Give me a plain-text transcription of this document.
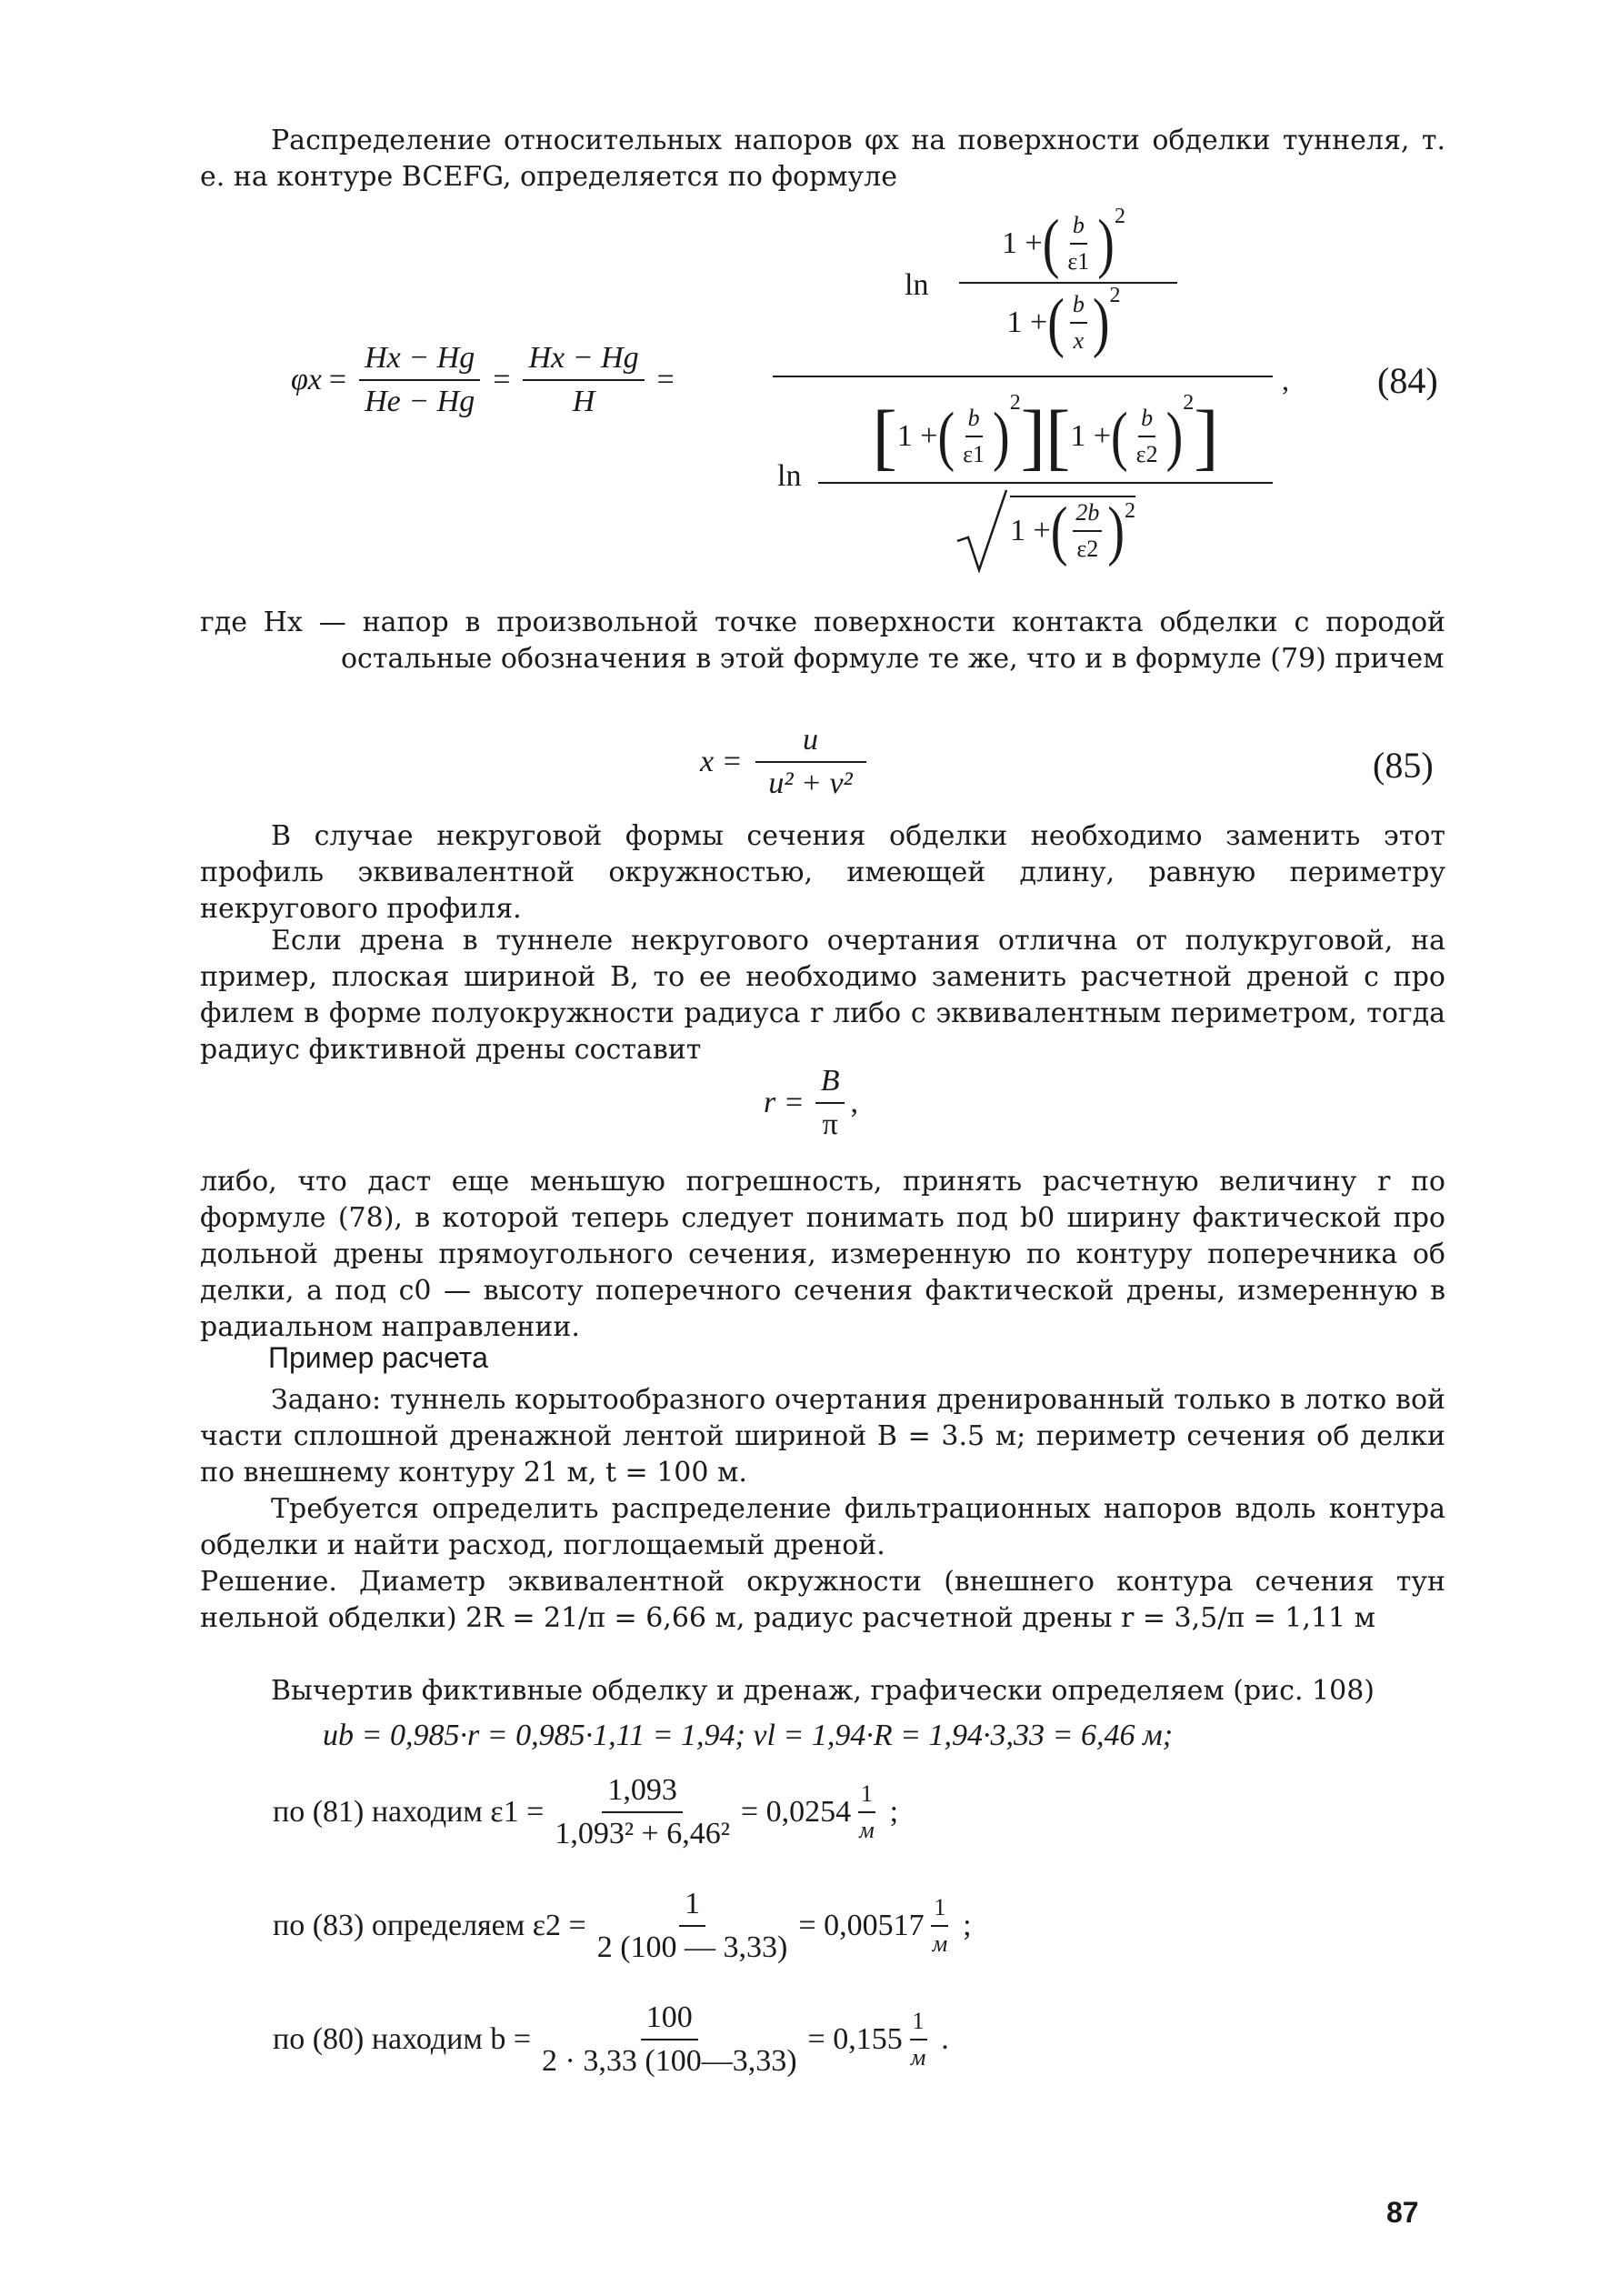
Распределение относительных напоров φx на поверхности обделки туннеля, т. е. на контуре BCEFG, определяется по формуле
$\varphi x = \frac{Hx - Hg}{He - Hg} = \frac{Hx - Hg}{H}$ =	,
ln
1 + ( $\frac{b}{\varepsilon 1} )^2$
1 + ( $\frac{b}{x} )^2$
ln [ 1 + ( $\frac{b}{\varepsilon 1} )^2$ ] [ 1 + ( $\frac{b}{\varepsilon 2} )^2$ ]
1 + ( $\frac{2b}{\varepsilon 2} )^2$
(84)
где Hx — напор в произвольной точке поверхности контакта обделки с породой остальные обозначения в этой формуле те же, что и в формуле (79) причем
$x = \frac{u}{\text{u² + v²}}$	(85)
В случае некруговой формы сечения обделки необходимо заменить этот профиль эквивалентной окружностью, имеющей длину, равную периметру некругового профиля.
Если дрена в туннеле некругового очертания отлична от полукруговой, на пример, плоская шириной B, то ее необходимо заменить расчетной дреной с про филем в форме полуокружности радиуса r либо с эквивалентным периметром, тогда радиус фиктивной дрены составит
$r = \frac{B}{\pi}$ ,
либо, что даст еще меньшую погрешность, принять расчетную величину r по формуле (78), в которой теперь следует понимать под b0 ширину фактической про дольной дрены прямоугольного сечения, измеренную по контуру поперечника об делки, а под c0 — высоту поперечного сечения фактической дрены, измеренную в радиальном направлении.
Пример расчета
Задано: туннель корытообразного очертания дренированный только в лотко вой части сплошной дренажной лентой шириной B = 3.5 м; периметр сечения об делки по внешнему контуру 21 м, t = 100 м.
Требуется определить распределение фильтрационных напоров вдоль контура обделки и найти расход, поглощаемый дреной.
Решение. Диаметр эквивалентной окружности (внешнего контура сечения тун нельной обделки) 2R = 21/π = 6,66 м, радиус расчетной дрены r = 3,5/π = 1,11 м
Вычертив фиктивные обделку и дренаж, графически определяем (рис. 108)
ub = 0,985·r = 0,985·1,11 = 1,94; vl = 1,94·R = 1,94·3,33 = 6,46 м;
по (81) находим $\varepsilon 1 = \frac{1,093}{\text{1,093² + 6,46²}} = 0,0254 \frac{1}{м}$ ;
по (83) определяем $\varepsilon 2 = \frac{1}{2 (100 — 3,33)} = 0,00517 \frac{1}{м}$ ;
по (80) находим $b = \frac{100}{2 \cdot 3,33 (100—3,33)} = 0,155 \frac{1}{м}$ .
87
